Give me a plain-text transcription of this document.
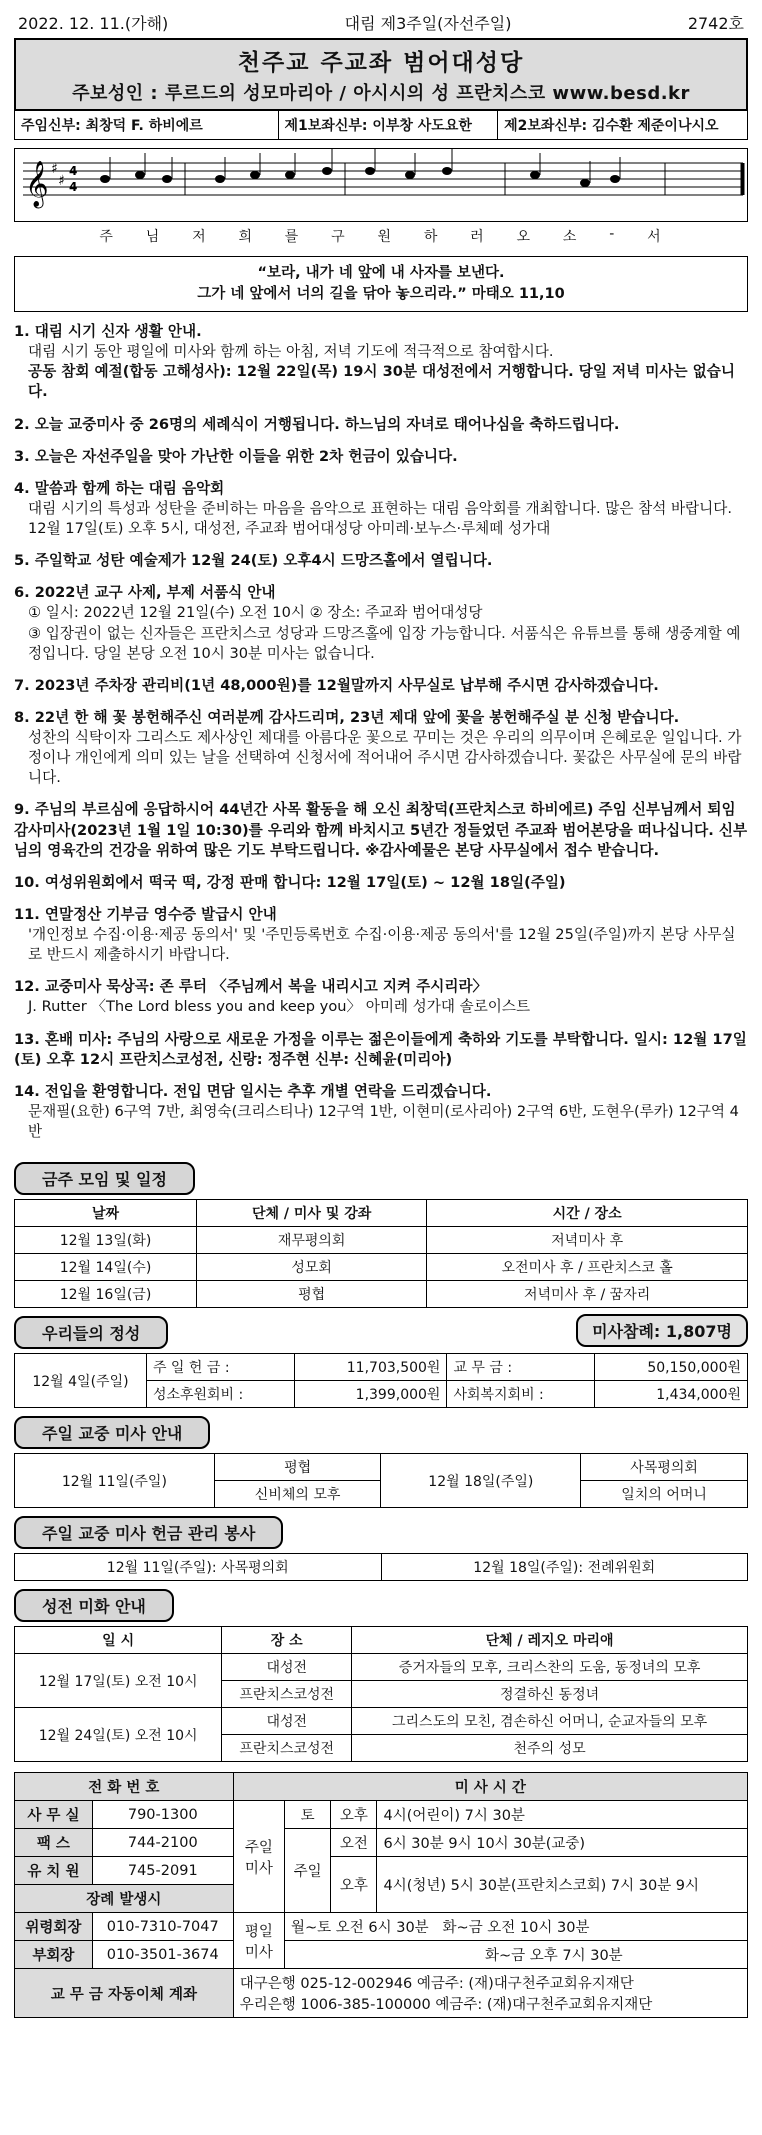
2022. 12. 11.(가해)	대림 제3주일(자선주일)	2742호
천주교 주교좌 범어대성당
주보성인 : 루르드의 성모마리아 / 아시시의 성 프란치스코 www.besd.kr
주임신부: 최창덕 F. 하비에르	제1보좌신부: 이부창 사도요한	제2보좌신부: 김수환 제준이나시오
𝄞 ♯
♯
4
4
주 님 저 희 를 구 원 하 러 오 소 - 서
“보라, 내가 네 앞에 내 사자를 보낸다.
그가 네 앞에서 너의 길을 닦아 놓으리라.” 마태오 11,10
1. 대림 시기 신자 생활 안내.
대림 시기 동안 평일에 미사와 함께 하는 아침, 저녁 기도에 적극적으로 참여합시다.
공동 참회 예절(합동 고해성사): 12월 22일(목) 19시 30분 대성전에서 거행합니다. 당일 저녁 미사는 없습니다.
2. 오늘 교중미사 중 26명의 세례식이 거행됩니다. 하느님의 자녀로 태어나심을 축하드립니다.
3. 오늘은 자선주일을 맞아 가난한 이들을 위한 2차 헌금이 있습니다.
4. 말씀과 함께 하는 대림 음악회
대림 시기의 특성과 성탄을 준비하는 마음을 음악으로 표현하는 대림 음악회를 개최합니다. 많은 참석 바랍니다. 12월 17일(토) 오후 5시, 대성전, 주교좌 범어대성당 아미레·보누스·루체떼 성가대
5. 주일학교 성탄 예술제가 12월 24(토) 오후4시 드망즈홀에서 열립니다.
6. 2022년 교구 사제, 부제 서품식 안내
① 일시: 2022년 12월 21일(수) 오전 10시 ② 장소: 주교좌 범어대성당
③ 입장권이 없는 신자들은 프란치스코 성당과 드망즈홀에 입장 가능합니다. 서품식은 유튜브를 통해 생중계할 예정입니다. 당일 본당 오전 10시 30분 미사는 없습니다.
7. 2023년 주차장 관리비(1년 48,000원)를 12월말까지 사무실로 납부해 주시면 감사하겠습니다.
8. 22년 한 해 꽃 봉헌해주신 여러분께 감사드리며, 23년 제대 앞에 꽃을 봉헌해주실 분 신청 받습니다.
성찬의 식탁이자 그리스도 제사상인 제대를 아름다운 꽃으로 꾸미는 것은 우리의 의무이며 은혜로운 일입니다. 가정이나 개인에게 의미 있는 날을 선택하여 신청서에 적어내어 주시면 감사하겠습니다. 꽃값은 사무실에 문의 바랍니다.
9. 주님의 부르심에 응답하시어 44년간 사목 활동을 해 오신 최창덕(프란치스코 하비에르) 주임 신부님께서 퇴임 감사미사(2023년 1월 1일 10:30)를 우리와 함께 바치시고 5년간 정들었던 주교좌 범어본당을 떠나십니다. 신부님의 영육간의 건강을 위하여 많은 기도 부탁드립니다. ※감사예물은 본당 사무실에서 접수 받습니다.
10. 여성위원회에서 떡국 떡, 강정 판매 합니다: 12월 17일(토) ~ 12월 18일(주일)
11. 연말정산 기부금 영수증 발급시 안내
'개인정보 수집·이용·제공 동의서' 및 '주민등록번호 수집·이용·제공 동의서'를 12월 25일(주일)까지 본당 사무실로 반드시 제출하시기 바랍니다.
12. 교중미사 묵상곡: 존 루터 〈주님께서 복을 내리시고 지켜 주시리라〉
J. Rutter 〈The Lord bless you and keep you〉 아미레 성가대 솔로이스트
13. 혼배 미사: 주님의 사랑으로 새로운 가정을 이루는 젊은이들에게 축하와 기도를 부탁합니다. 일시: 12월 17일(토) 오후 12시 프란치스코성전, 신랑: 정주현 신부: 신혜윤(미리아)
14. 전입을 환영합니다. 전입 면담 일시는 추후 개별 연락을 드리겠습니다.
문재필(요한) 6구역 7반, 최영숙(크리스티나) 12구역 1반, 이현미(로사리아) 2구역 6반, 도현우(루카) 12구역 4반
금주 모임 및 일정
날짜	단체 / 미사 및 강좌	시간 / 장소
12월 13일(화)	재무평의회	저녁미사 후
12월 14일(수)	성모회	오전미사 후 / 프란치스코 홀
12월 16일(금)	평협	저녁미사 후 / 꿈자리
우리들의 정성	미사참례: 1,807명
12월 4일(주일)	주 일 헌 금 :	11,703,500원	교 무 금 :	50,150,000원
	성소후원회비 :	1,399,000원	사회복지회비 :	1,434,000원
주일 교중 미사 안내
12월 11일(주일)	평협	12월 18일(주일)	사목평의회
	신비체의 모후		일치의 어머니
주일 교중 미사 헌금 관리 봉사
12월 11일(주일): 사목평의회	12월 18일(주일): 전례위원회
성전 미화 안내
일 시	장 소	단체 / 레지오 마리애
12월 17일(토) 오전 10시	대성전	증거자들의 모후, 크리스찬의 도움, 동정녀의 모후
	프란치스코성전	정결하신 동정녀
12월 24일(토) 오전 10시	대성전	그리스도의 모친, 겸손하신 어머니, 순교자들의 모후
	프란치스코성전	천주의 성모
전 화 번 호		미 사 시 간			
사 무 실	790-1300	주일 미사	토	오후	4시(어린이) 7시 30분
팩 스	744-2100		주일	오전	6시 30분 9시 10시 30분(교중)
유 치 원	745-2091			오후	4시(청년) 5시 30분(프란치스코회) 7시 30분 9시
장례 발생시					
위령회장	010-7310-7047	평일 미사	월~토 오전 6시 30분 화~금 오전 10시 30분		
부회장	010-3501-3674		화~금 오후 7시 30분		
교 무 금 자동이체 계좌		대구은행 025-12-002946 예금주: (재)대구천주교회유지재단
우리은행 1006-385-100000 예금주: (재)대구천주교회유지재단			
